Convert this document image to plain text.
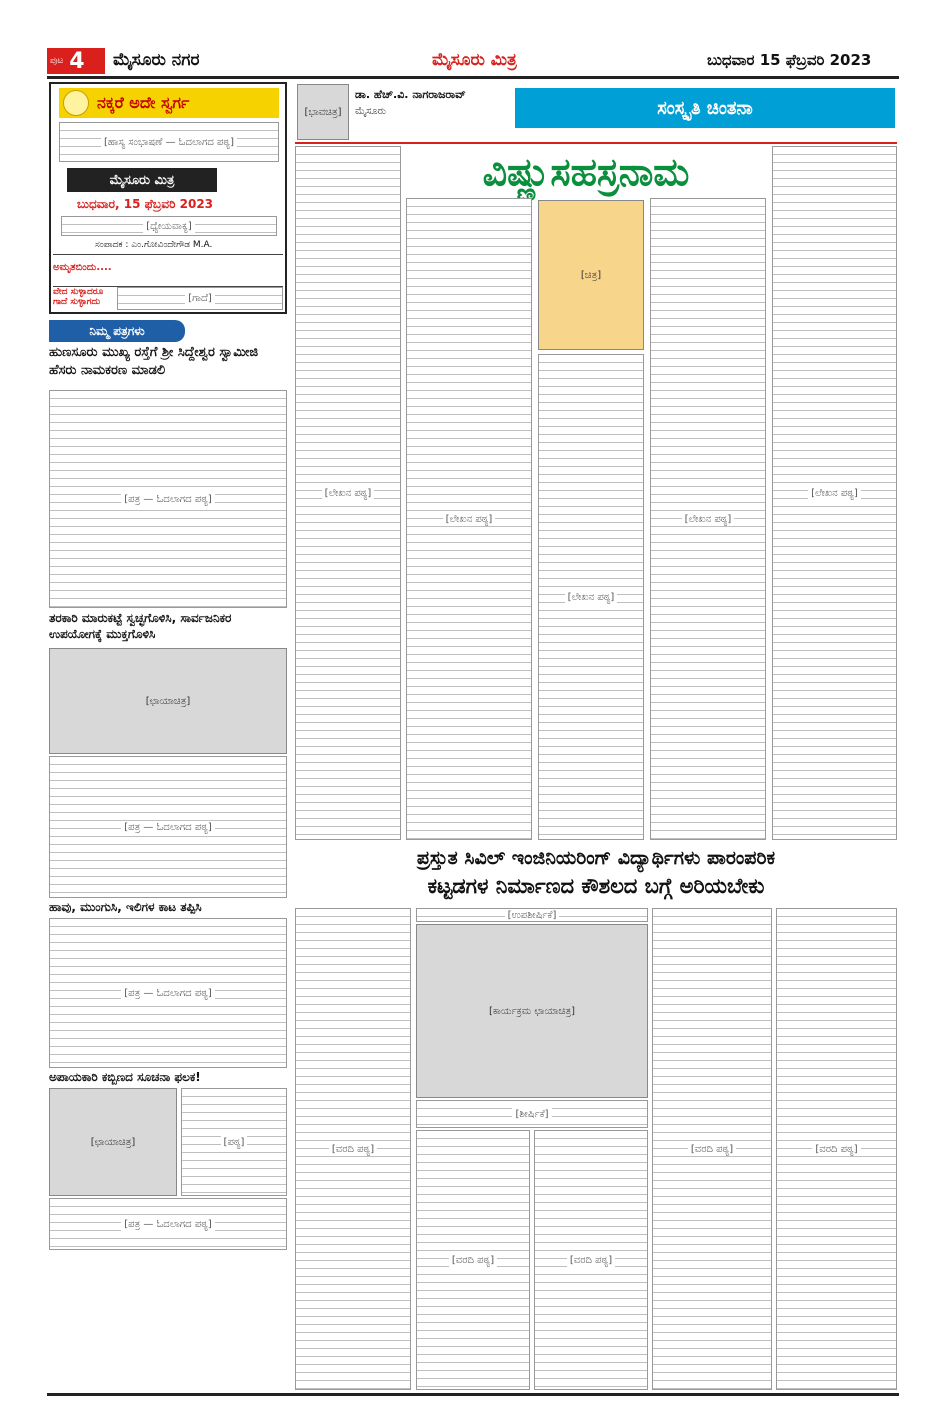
ಪುಟ 4 ಮೈಸೂರು ನಗರ	ಮೈಸೂರು ಮಿತ್ರ	ಬುಧವಾರ 15 ಫೆಬ್ರವರಿ 2023
ನಕ್ಕರೆ ಅದೇ ಸ್ವರ್ಗ
[ಹಾಸ್ಯ ಸಂಭಾಷಣೆ — ಓದಲಾಗದ ಪಠ್ಯ]
ಮೈಸೂರು ಮಿತ್ರ
ಬುಧವಾರ, 15 ಫೆಬ್ರವರಿ 2023
[ಧ್ಯೇಯವಾಕ್ಯ]
ಸಂಪಾದಕ : ಎಂ.ಗೋವಿಂದೇಗೌಡ M.A.
ಅಮೃತಬಿಂದು....
ವೇದ ಸುಳ್ಳಾದರೂ ಗಾದೆ ಸುಳ್ಳಾಗದು	[ಗಾದೆ]
ನಿಮ್ಮ ಪತ್ರಗಳು
ಹುಣಸೂರು ಮುಖ್ಯ ರಸ್ತೆಗೆ ಶ್ರೀ ಸಿದ್ದೇಶ್ವರ ಸ್ವಾಮೀಜಿ ಹೆಸರು ನಾಮಕರಣ ಮಾಡಲಿ
[ಪತ್ರ — ಓದಲಾಗದ ಪಠ್ಯ]
ತರಕಾರಿ ಮಾರುಕಟ್ಟೆ ಸ್ವಚ್ಛಗೊಳಿಸಿ, ಸಾರ್ವಜನಿಕರ ಉಪಯೋಗಕ್ಕೆ ಮುಕ್ತಗೊಳಿಸಿ
[ಛಾಯಾಚಿತ್ರ]
[ಪತ್ರ — ಓದಲಾಗದ ಪಠ್ಯ]
ಹಾವು, ಮುಂಗುಸಿ, ಇಲಿಗಳ ಕಾಟ ತಪ್ಪಿಸಿ
[ಪತ್ರ — ಓದಲಾಗದ ಪಠ್ಯ]
ಅಪಾಯಕಾರಿ ಕಬ್ಬಿಣದ ಸೂಚನಾ ಫಲಕ!
[ಛಾಯಾಚಿತ್ರ]	[ಪಠ್ಯ]
[ಪತ್ರ — ಓದಲಾಗದ ಪಠ್ಯ]
[ಭಾವಚಿತ್ರ]
ಡಾ. ಹೆಚ್.ವಿ. ನಾಗರಾಜರಾವ್
ಮೈಸೂರು	ಸಂಸ್ಕೃತಿ ಚಿಂತನಾ
[ಲೇಖನ ಪಠ್ಯ]
ವಿಷ್ಣುಸಹಸ್ರನಾಮ
[ಲೇಖನ ಪಠ್ಯ]
[ಚಿತ್ರ]
[ಲೇಖನ ಪಠ್ಯ]
[ಲೇಖನ ಪಠ್ಯ]
[ಲೇಖನ ಪಠ್ಯ]
ಪ್ರಸ್ತುತ ಸಿವಿಲ್ ಇಂಜಿನಿಯರಿಂಗ್ ವಿದ್ಯಾರ್ಥಿಗಳು ಪಾರಂಪರಿಕ
ಕಟ್ಟಡಗಳ ನಿರ್ಮಾಣದ ಕೌಶಲದ ಬಗ್ಗೆ ಅರಿಯಬೇಕು
[ವರದಿ ಪಠ್ಯ]
[ಉಪಶೀರ್ಷಿಕೆ]
[ಕಾರ್ಯಕ್ರಮ ಛಾಯಾಚಿತ್ರ]
[ಶೀರ್ಷಿಕೆ]
[ವರದಿ ಪಠ್ಯ]	[ವರದಿ ಪಠ್ಯ]
[ವರದಿ ಪಠ್ಯ]	[ವರದಿ ಪಠ್ಯ]
